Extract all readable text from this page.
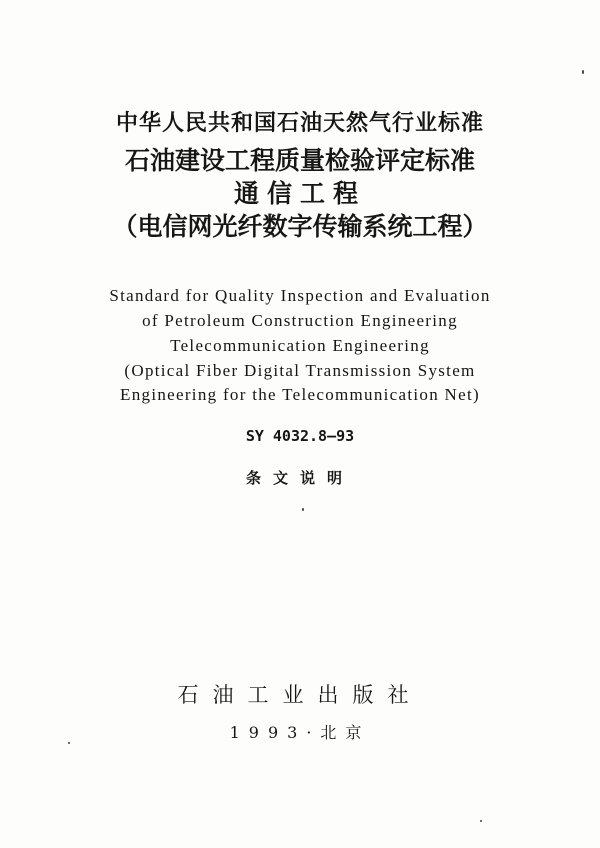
中华人民共和国石油天然气行业标准
石油建设工程质量检验评定标准
通信工程
（电信网光纤数字传输系统工程）
Standard for Quality Inspection and Evaluation
of Petroleum Construction Engineering
Telecommunication Engineering
(Optical Fiber Digital Transmission System
Engineering for the Telecommunication Net)
SY 4032.8—93
条文说明
石油工业出版社
1993·北京
